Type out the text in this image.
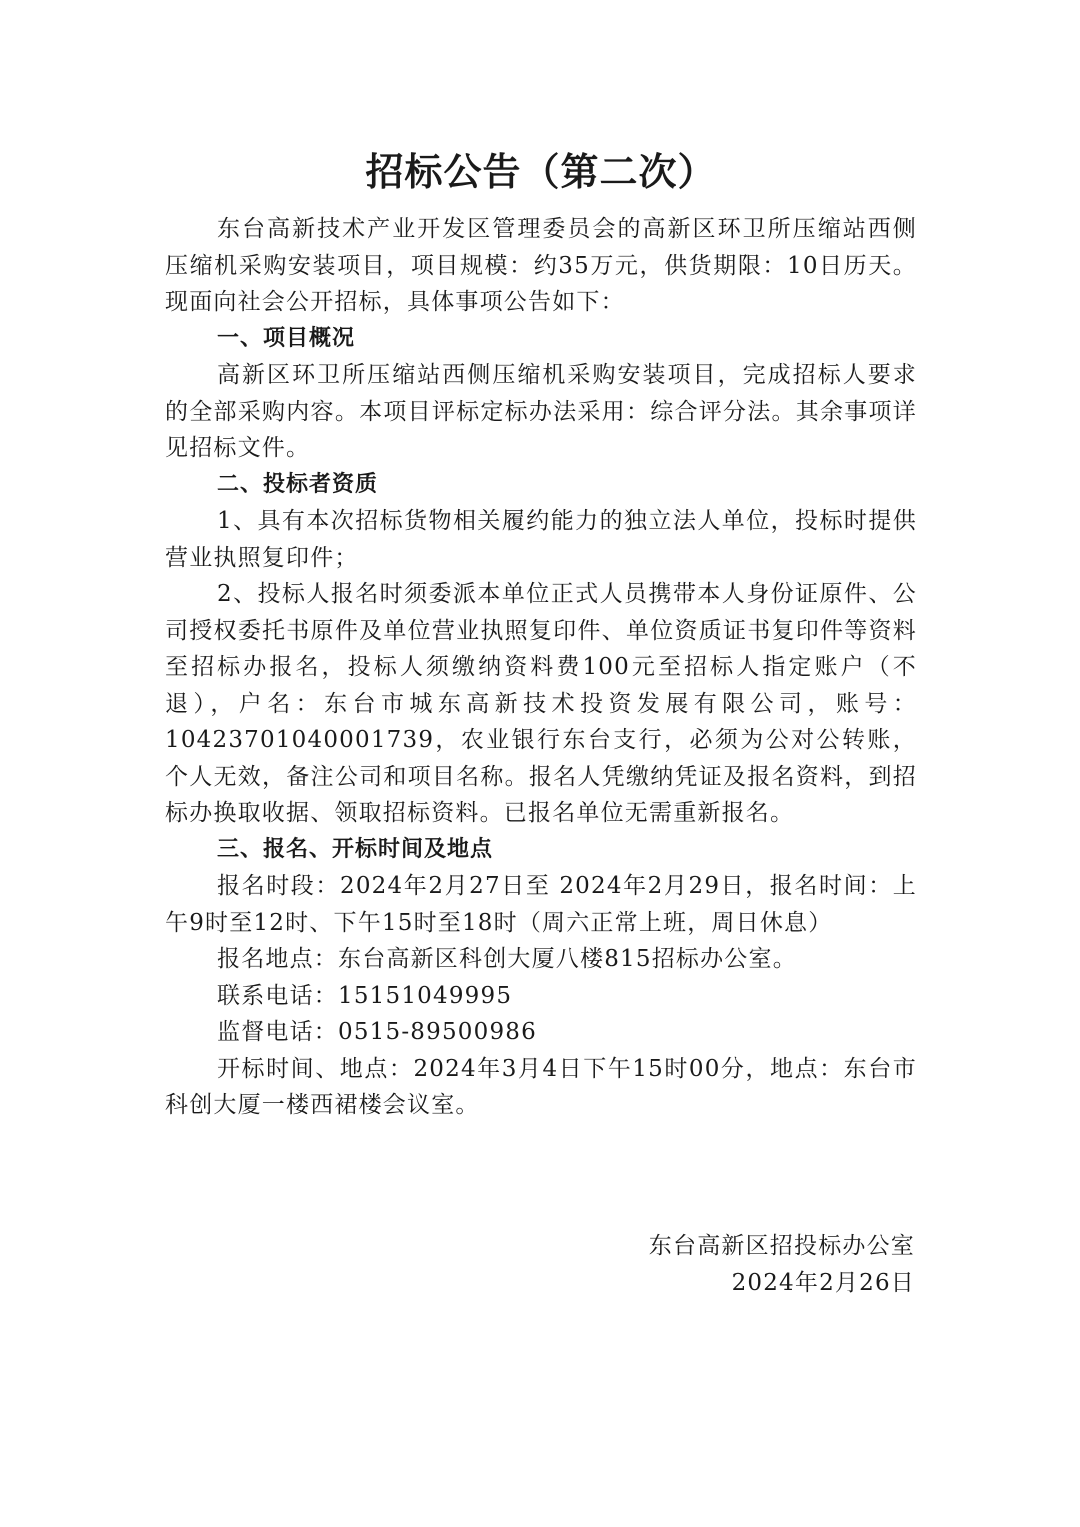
招标公告（第二次）

东台高新技术产业开发区管理委员会的高新区环卫所压缩站西侧压缩机采购安装项目，项目规模：约35万元，供货期限：10日历天。现面向社会公开招标，具体事项公告如下：

一、项目概况

高新区环卫所压缩站西侧压缩机采购安装项目，完成招标人要求的全部采购内容。本项目评标定标办法采用：综合评分法。其余事项详见招标文件。

二、投标者资质

1、具有本次招标货物相关履约能力的独立法人单位，投标时提供营业执照复印件；

2、投标人报名时须委派本单位正式人员携带本人身份证原件、公司授权委托书原件及单位营业执照复印件、单位资质证书复印件等资料至招标办报名，投标人须缴纳资料费100元至招标人指定账户（不退），户名：东台市城东高新技术投资发展有限公司，账号：10423701040001739，农业银行东台支行，必须为公对公转账，个人无效，备注公司和项目名称。报名人凭缴纳凭证及报名资料，到招标办换取收据、领取招标资料。已报名单位无需重新报名。

三、报名、开标时间及地点

报名时段：2024年2月27日至 2024年2月29日，报名时间：上午9时至12时、下午15时至18时（周六正常上班，周日休息）

报名地点：东台高新区科创大厦八楼815招标办公室。

联系电话：15151049995

监督电话：0515-89500986

开标时间、地点：2024年3月4日下午15时00分，地点：东台市科创大厦一楼西裙楼会议室。

东台高新区招投标办公室
2024年2月26日
